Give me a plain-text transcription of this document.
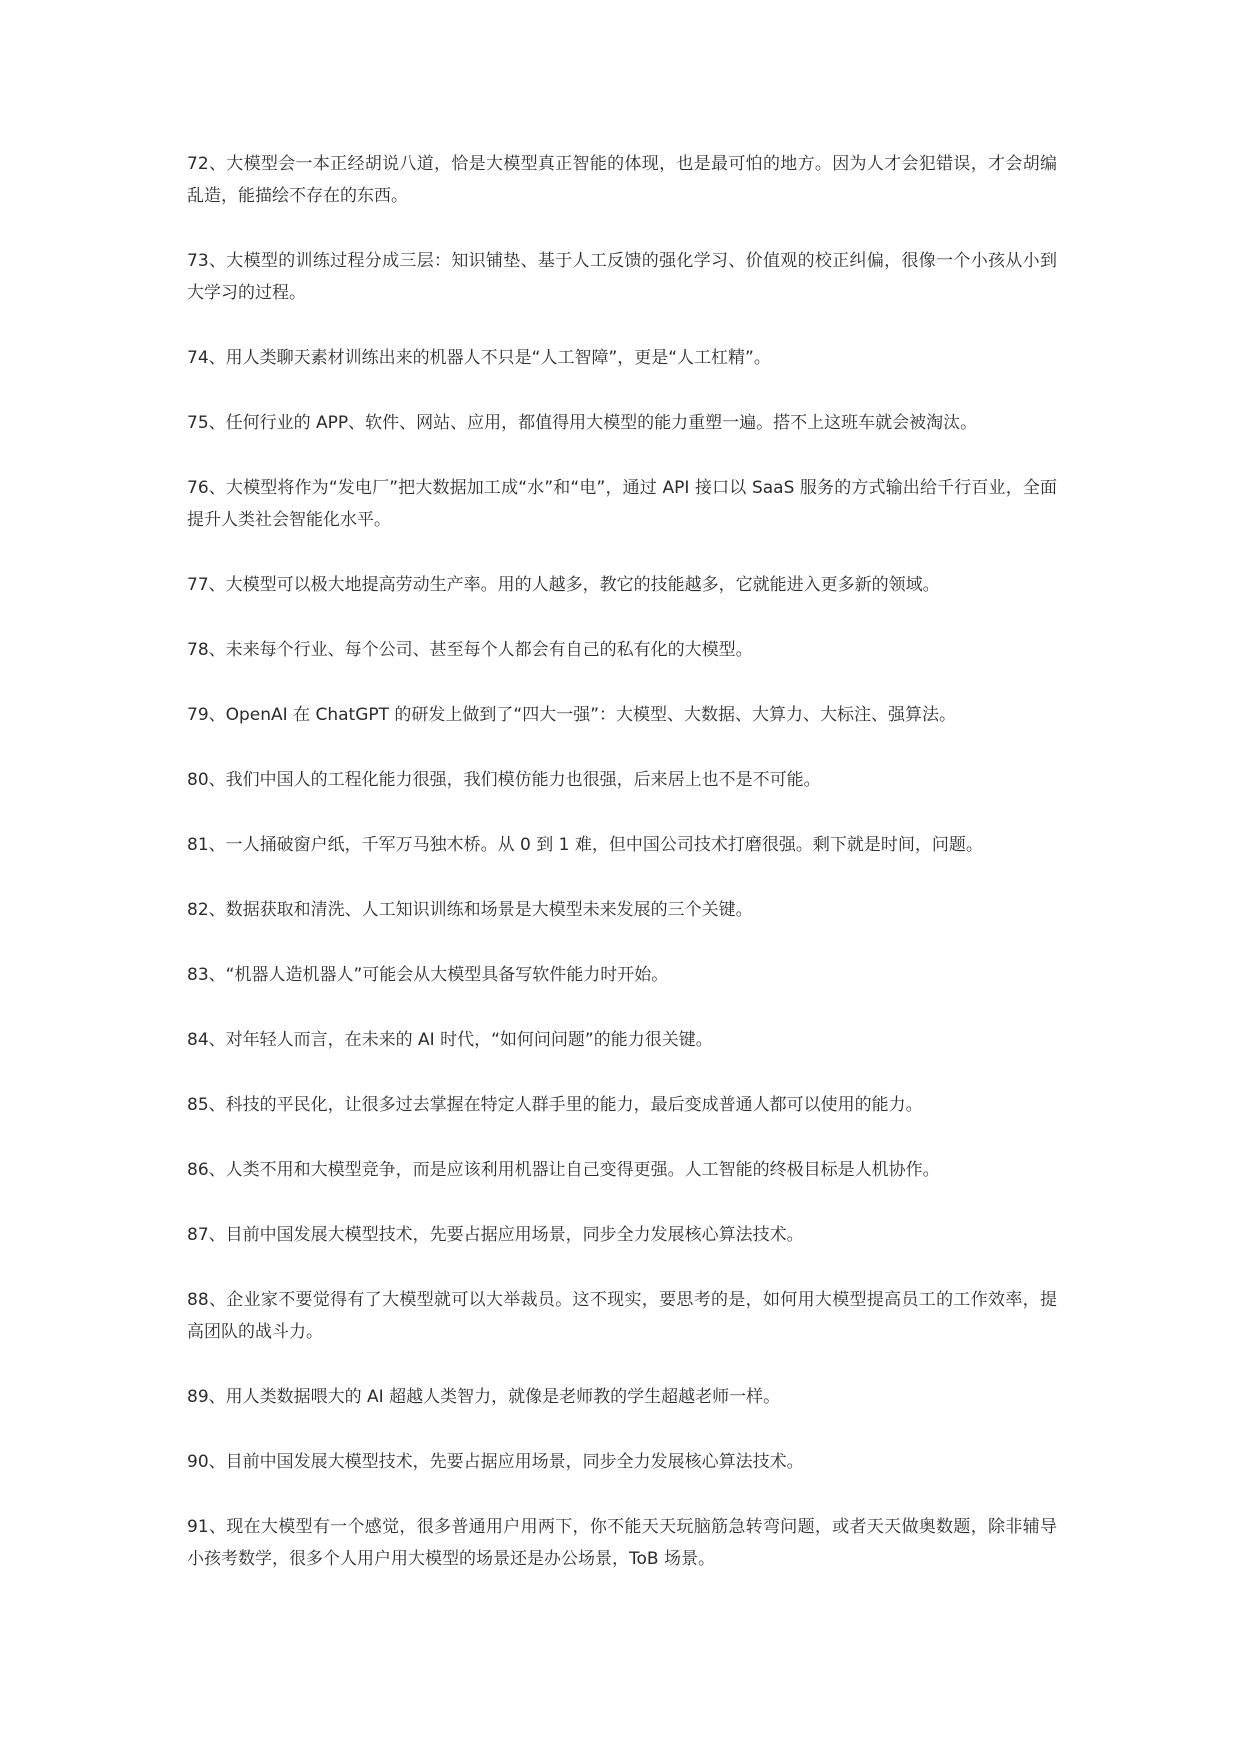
72、大模型会一本正经胡说八道，恰是大模型真正智能的体现，也是最可怕的地方。因为人才会犯错误，才会胡编乱造，能描绘不存在的东西。

73、大模型的训练过程分成三层：知识铺垫、基于人工反馈的强化学习、价值观的校正纠偏，很像一个小孩从小到大学习的过程。

74、用人类聊天素材训练出来的机器人不只是“人工智障”，更是“人工杠精”。

75、任何行业的 APP、软件、网站、应用，都值得用大模型的能力重塑一遍。搭不上这班车就会被淘汰。

76、大模型将作为“发电厂”把大数据加工成“水”和“电”，通过 API 接口以 SaaS 服务的方式输出给千行百业，全面提升人类社会智能化水平。

77、大模型可以极大地提高劳动生产率。用的人越多，教它的技能越多，它就能进入更多新的领域。

78、未来每个行业、每个公司、甚至每个人都会有自己的私有化的大模型。

79、OpenAI 在 ChatGPT 的研发上做到了“四大一强”：大模型、大数据、大算力、大标注、强算法。

80、我们中国人的工程化能力很强，我们模仿能力也很强，后来居上也不是不可能。

81、一人捅破窗户纸，千军万马独木桥。从 0 到 1 难，但中国公司技术打磨很强。剩下就是时间，问题。

82、数据获取和清洗、人工知识训练和场景是大模型未来发展的三个关键。

83、“机器人造机器人”可能会从大模型具备写软件能力时开始。

84、对年轻人而言，在未来的 AI 时代，“如何问问题”的能力很关键。

85、科技的平民化，让很多过去掌握在特定人群手里的能力，最后变成普通人都可以使用的能力。

86、人类不用和大模型竞争，而是应该利用机器让自己变得更强。人工智能的终极目标是人机协作。

87、目前中国发展大模型技术，先要占据应用场景，同步全力发展核心算法技术。

88、企业家不要觉得有了大模型就可以大举裁员。这不现实，要思考的是，如何用大模型提高员工的工作效率，提高团队的战斗力。

89、用人类数据喂大的 AI 超越人类智力，就像是老师教的学生超越老师一样。

90、目前中国发展大模型技术，先要占据应用场景，同步全力发展核心算法技术。

91、现在大模型有一个感觉，很多普通用户用两下，你不能天天玩脑筋急转弯问题，或者天天做奥数题，除非辅导小孩考数学，很多个人用户用大模型的场景还是办公场景，ToB 场景。
